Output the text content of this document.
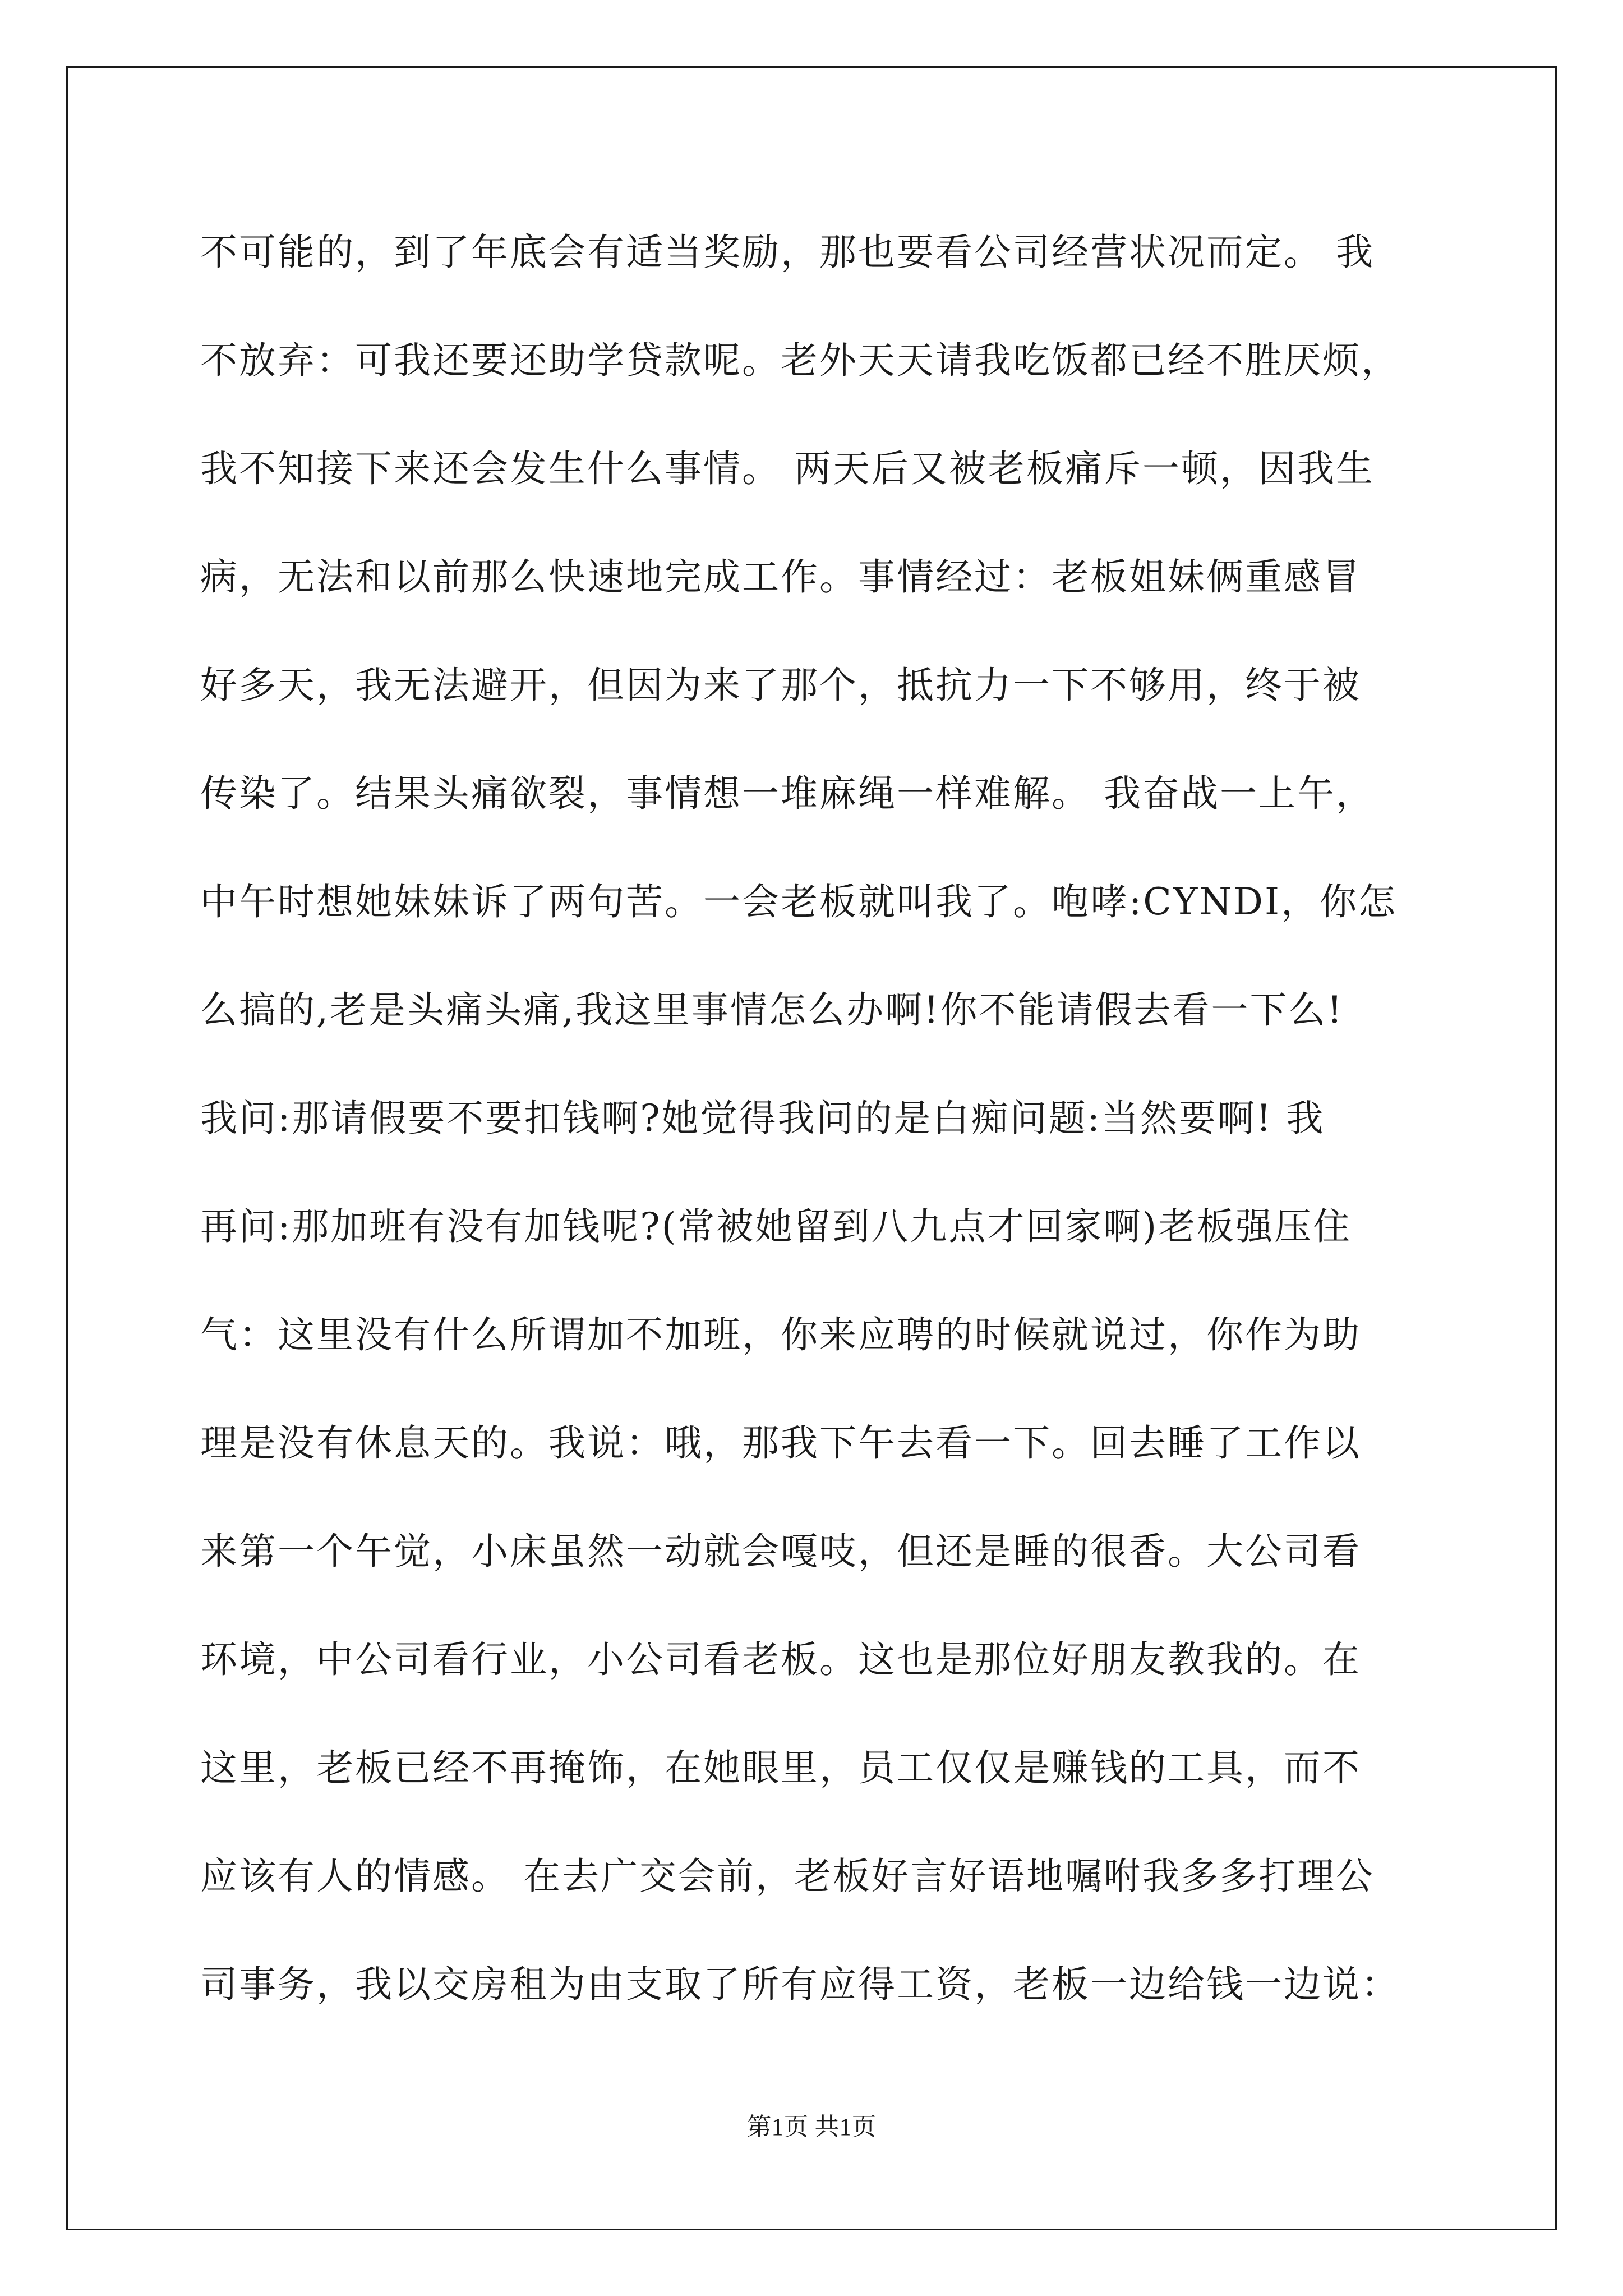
不可能的，到了年底会有适当奖励，那也要看公司经营状况而定。 我
不放弃：可我还要还助学贷款呢。老外天天请我吃饭都已经不胜厌烦，
我不知接下来还会发生什么事情。 两天后又被老板痛斥一顿，因我生
病，无法和以前那么快速地完成工作。事情经过：老板姐妹俩重感冒
好多天，我无法避开，但因为来了那个，抵抗力一下不够用，终于被
传染了。结果头痛欲裂，事情想一堆麻绳一样难解。 我奋战一上午，
中午时想她妹妹诉了两句苦。一会老板就叫我了。咆哮:CYNDI，你怎
么搞的,老是头痛头痛,我这里事情怎么办啊!你不能请假去看一下么!
我问:那请假要不要扣钱啊?她觉得我问的是白痴问题:当然要啊! 我
再问:那加班有没有加钱呢?(常被她留到八九点才回家啊)老板强压住
气：这里没有什么所谓加不加班，你来应聘的时候就说过，你作为助
理是没有休息天的。我说：哦，那我下午去看一下。回去睡了工作以
来第一个午觉，小床虽然一动就会嘎吱，但还是睡的很香。大公司看
环境，中公司看行业，小公司看老板。这也是那位好朋友教我的。在
这里，老板已经不再掩饰，在她眼里，员工仅仅是赚钱的工具，而不
应该有人的情感。 在去广交会前，老板好言好语地嘱咐我多多打理公
司事务，我以交房租为由支取了所有应得工资，老板一边给钱一边说：
第1页 共1页
